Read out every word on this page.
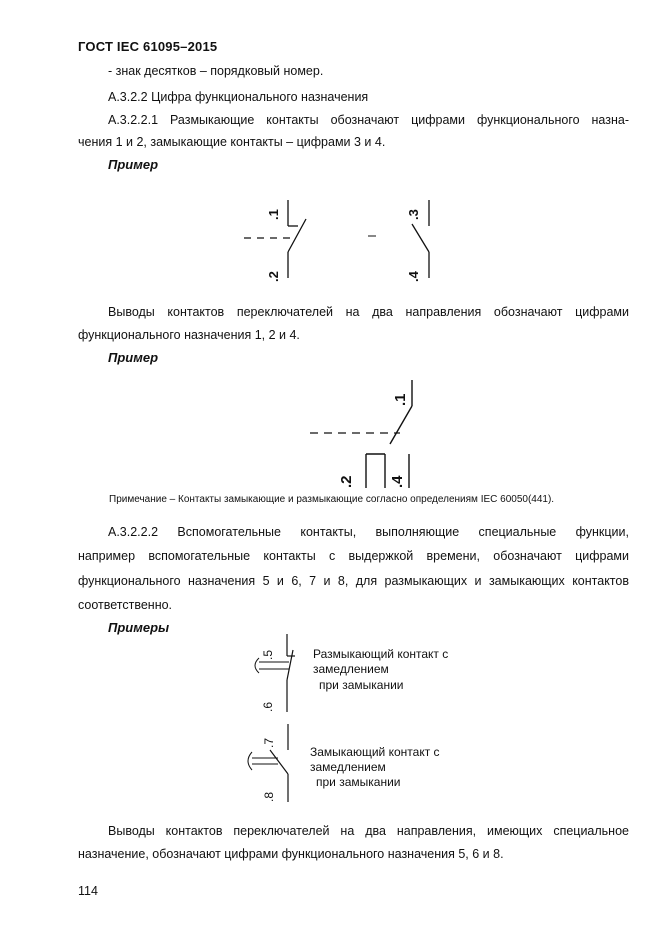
ГОСТ IEC 61095–2015
- знак десятков – порядковый номер.
А.3.2.2 Цифра функционального назначения
А.3.2.2.1 Размыкающие контакты обозначают цифрами функционального назна-
чения 1 и 2, замыкающие контакты – цифрами 3 и 4.
Пример
.1
.2
.3
.4
Выводы контактов переключателей на два направления обозначают цифрами
функционального назначения 1, 2 и 4.
Пример
.1
.2 .4
Примечание – Контакты замыкающие и размыкающие согласно определениям IEC 60050(441).
А.3.2.2.2 Вспомогательные контакты, выполняющие специальные функции,
например вспомогательные контакты с выдержкой времени, обозначают цифрами
функционального назначения 5 и 6, 7 и 8, для размыкающих и замыкающих контактов
соответственно.
Примеры
.5
.6
Размыкающий контакт с
замедлением
при замыкании
.7
.8
Замыкающий контакт с
замедлением
при замыкании
Выводы контактов переключателей на два направления, имеющих специальное
назначение, обозначают цифрами функционального назначения 5, 6 и 8.
114
